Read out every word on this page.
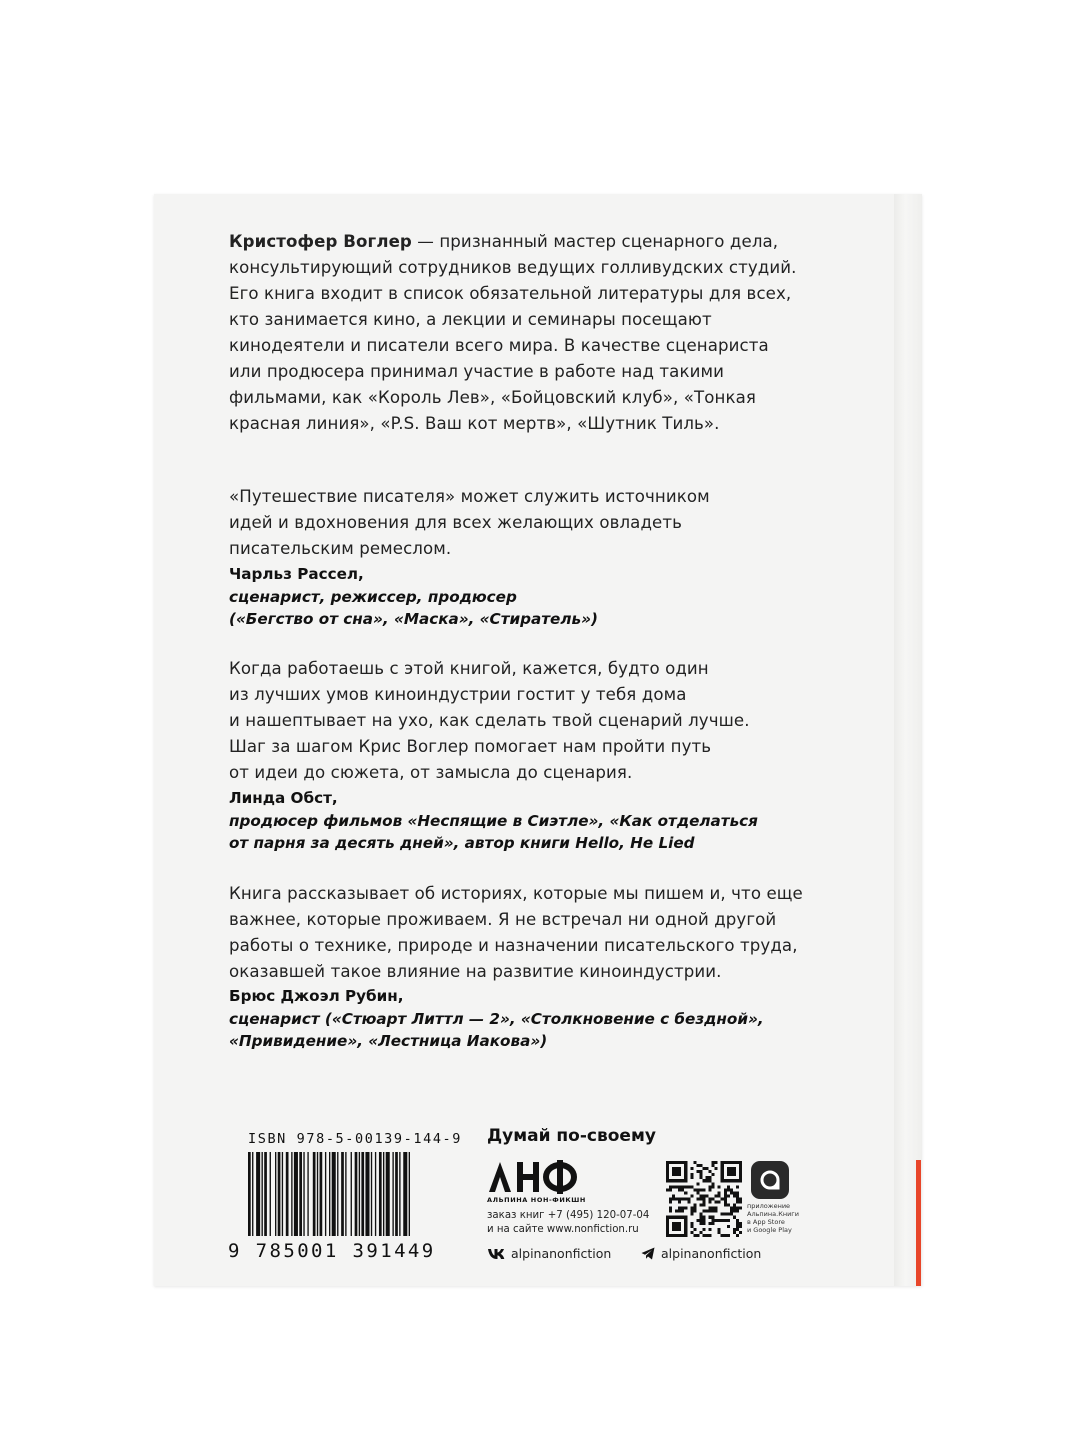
Кристофер Воглер — признанный мастер сценарного дела,
консультирующий сотрудников ведущих голливудских студий.
Его книга входит в список обязательной литературы для всех,
кто занимается кино, а лекции и семинары посещают
кинодеятели и писатели всего мира. В качестве сценариста
или продюсера принимал участие в работе над такими
фильмами, как «Король Лев», «Бойцовский клуб», «Тонкая
красная линия», «P.S. Ваш кот мертв», «Шутник Тиль».

«Путешествие писателя» может служить источником
идей и вдохновения для всех желающих овладеть
писательским ремеслом.

Чарльз Рассел,
сценарист, режиссер, продюсер
(«Бегство от сна», «Маска», «Стиратель»)

Когда работаешь с этой книгой, кажется, будто один
из лучших умов киноиндустрии гостит у тебя дома
и нашептывает на ухо, как сделать твой сценарий лучше.
Шаг за шагом Крис Воглер помогает нам пройти путь
от идеи до сюжета, от замысла до сценария.

Линда Обст,
продюсер фильмов «Неспящие в Сиэтле», «Как отделаться
от парня за десять дней», автор книги Hello, He Lied

Книга рассказывает об историях, которые мы пишем и, что еще
важнее, которые проживаем. Я не встречал ни одной другой
работы о технике, природе и назначении писательского труда,
оказавшей такое влияние на развитие киноиндустрии.

Брюс Джоэл Рубин,
сценарист («Стюарт Литтл — 2», «Столкновение с бездной»,
«Привидение», «Лестница Иакова»)

ISBN 978-5-00139-144-9
9 785001 391449
Думай по-своему
АЛЬПИНА НОН-ФИКШН
заказ книг +7 (495) 120-07-04
и на сайте www.nonfiction.ru
alpinanonfiction	alpinanonfiction
приложение
Альпина.Книги
в App Store
и Google Play
